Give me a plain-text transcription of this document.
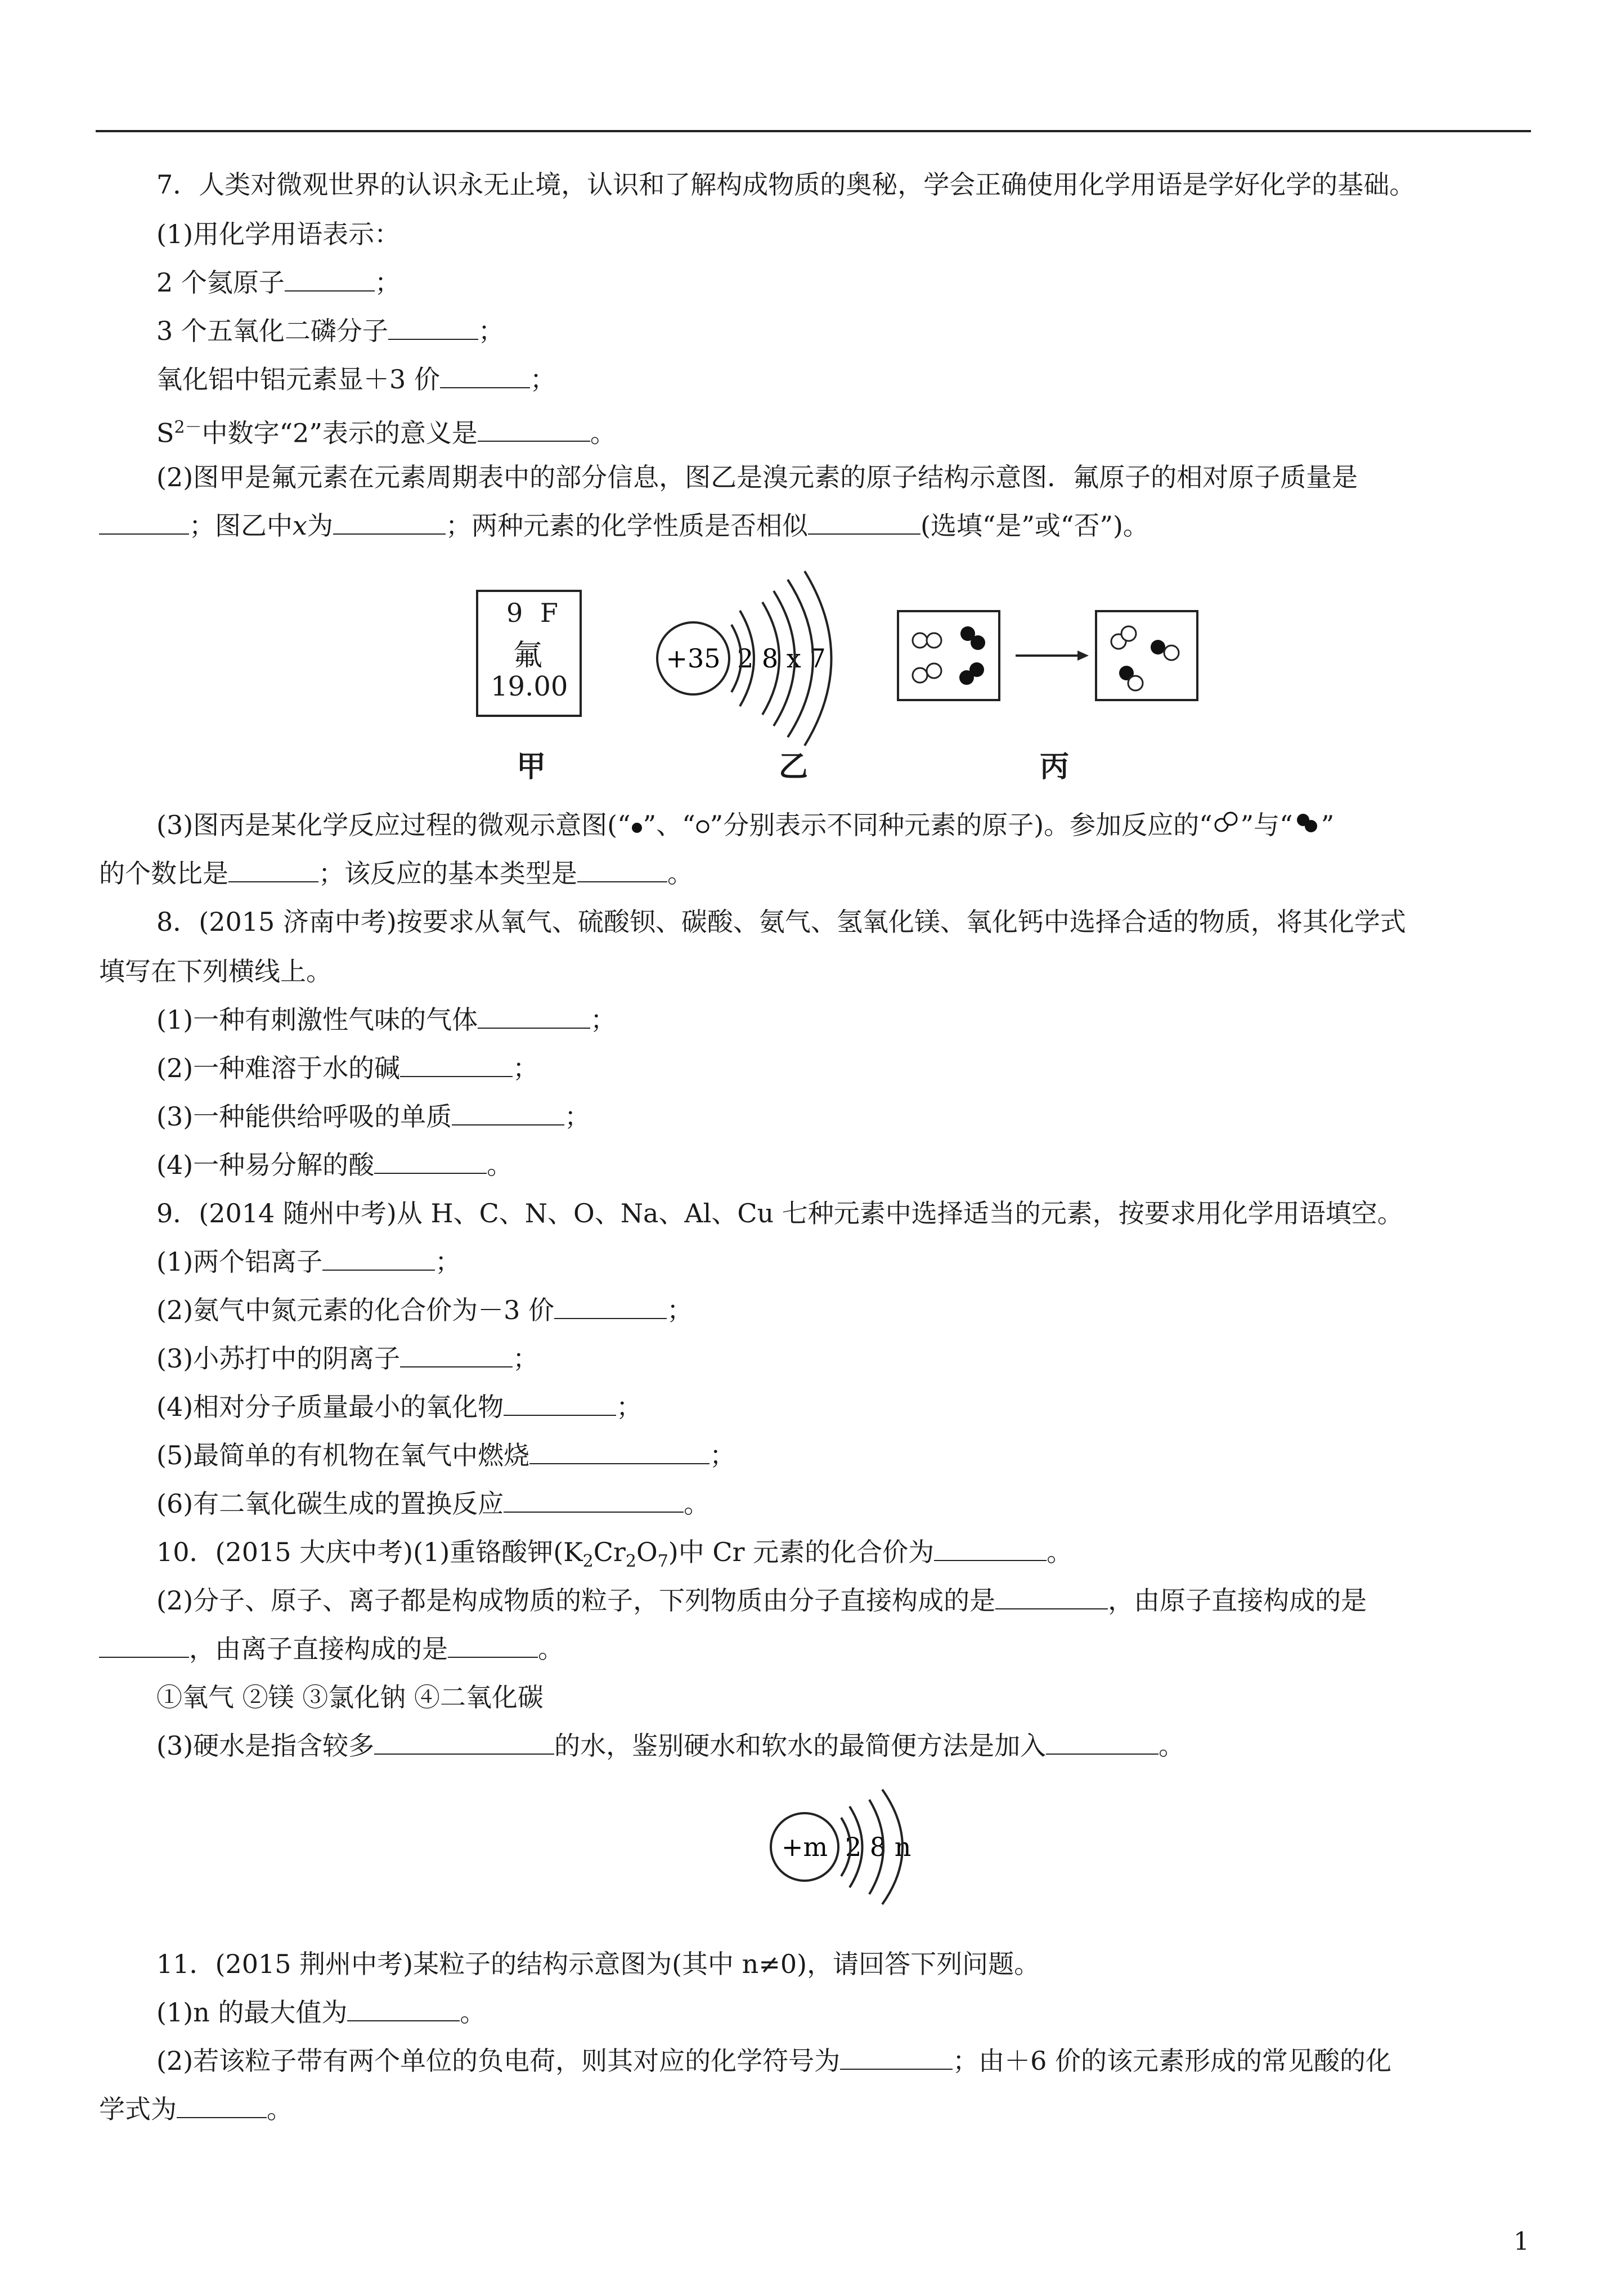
7．人类对微观世界的认识永无止境，认识和了解构成物质的奥秘，学会正确使用化学用语是学好化学的基础。
(1)用化学用语表示：
2 个氦原子	；
3 个五氧化二磷分子	；
氧化铝中铝元素显＋3 价	；
$S^{2-}$中数字“2”表示的意义是	。
(2)图甲是氟元素在元素周期表中的部分信息，图乙是溴元素的原子结构示意图．氟原子的相对原子质量是
；图乙中x为	；两种元素的化学性质是否相似	(选填“是”或“否”)。
9 F
氟
19.00
甲
+35 2 8 x 7
乙	丙
(3)图丙是某化学反应过程的微观示意图(“ ”、“ ”分别表示不同种元素的原子)。参加反应的“ ”与“ ”
的个数比是	；该反应的基本类型是	。
8．(2015 济南中考)按要求从氧气、硫酸钡、碳酸、氨气、氢氧化镁、氧化钙中选择合适的物质，将其化学式
填写在下列横线上。
(1)一种有刺激性气味的气体	；
(2)一种难溶于水的碱	；
(3)一种能供给呼吸的单质	；
(4)一种易分解的酸	。
9．(2014 随州中考)从 H、C、N、O、Na、Al、Cu 七种元素中选择适当的元素，按要求用化学用语填空。
(1)两个铝离子	；
(2)氨气中氮元素的化合价为－3 价	；
(3)小苏打中的阴离子	；
(4)相对分子质量最小的氧化物	；
(5)最简单的有机物在氧气中燃烧	；
(6)有二氧化碳生成的置换反应	。
10．(2015 大庆中考)(1)重铬酸钾$(K_2Cr_2O_7)$中 Cr 元素的化合价为	。
(2)分子、原子、离子都是构成物质的粒子，下列物质由分子直接构成的是	，由原子直接构成的是
，由离子直接构成的是	。
①氧气 ②镁 ③氯化钠 ④二氧化碳
(3)硬水是指含较多	的水，鉴别硬水和软水的最简便方法是加入	。
+m 2 8 n
11．(2015 荆州中考)某粒子的结构示意图为(其中 n≠0)，请回答下列问题。
(1)n 的最大值为	。
(2)若该粒子带有两个单位的负电荷，则其对应的化学符号为	；由＋6 价的该元素形成的常见酸的化
学式为	。
1
